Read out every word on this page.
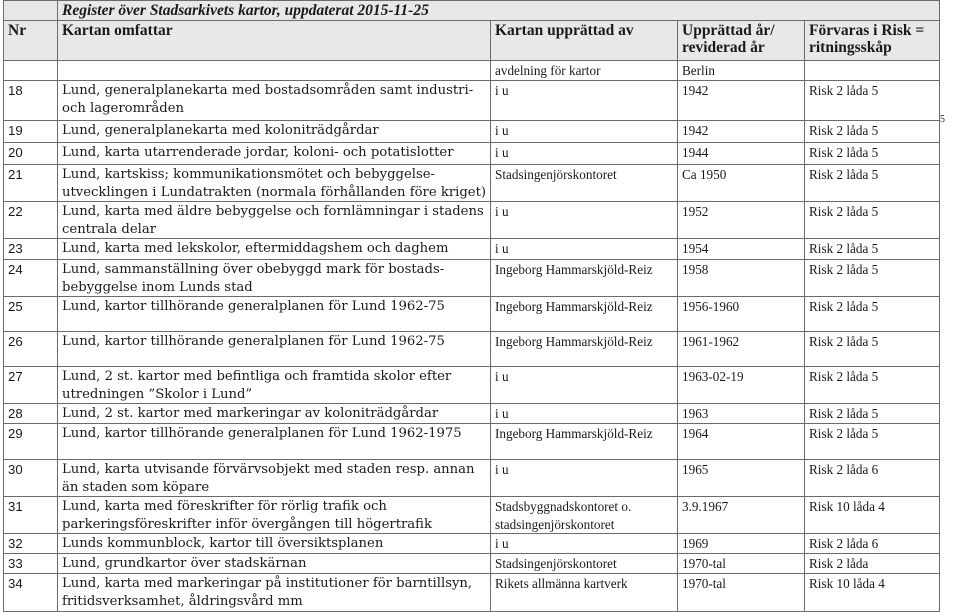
	Register över Stadsarkivets kartor, uppdaterat 2015-11-25			
Nr	Kartan omfattar	Kartan upprättad av	Upprättad år/ reviderad år	Förvaras i Risk = ritningsskåp
		avdelning för kartor	Berlin	
18	Lund, generalplanekarta med bostadsområden samt industri- och lagerområden	i u	1942	Risk 2 låda 5
19	Lund, generalplanekarta med koloniträdgårdar	i u	1942	Risk 2 låda 5
20	Lund, karta utarrenderade jordar, koloni- och potatislotter	i u	1944	Risk 2 låda 5
21	Lund, kartskiss; kommunikationsmötet och bebyggelse-utvecklingen i Lundatrakten (normala förhållanden före kriget)	Stadsingenjörskontoret	Ca 1950	Risk 2 låda 5
22	Lund, karta med äldre bebyggelse och fornlämningar i stadens centrala delar	i u	1952	Risk 2 låda 5
23	Lund, karta med lekskolor, eftermiddagshem och daghem	i u	1954	Risk 2 låda 5
24	Lund, sammanställning över obebyggd mark för bostads-bebyggelse inom Lunds stad	Ingeborg Hammarskjöld-Reiz	1958	Risk 2 låda 5
25	Lund, kartor tillhörande generalplanen för Lund 1962-75	Ingeborg Hammarskjöld-Reiz	1956-1960	Risk 2 låda 5
26	Lund, kartor tillhörande generalplanen för Lund 1962-75	Ingeborg Hammarskjöld-Reiz	1961-1962	Risk 2 låda 5
27	Lund, 2 st. kartor med befintliga och framtida skolor efter utredningen ”Skolor i Lund”	i u	1963-02-19	Risk 2 låda 5
28	Lund, 2 st. kartor med markeringar av koloniträdgårdar	i u	1963	Risk 2 låda 5
29	Lund, kartor tillhörande generalplanen för Lund 1962-1975	Ingeborg Hammarskjöld-Reiz	1964	Risk 2 låda 5
30	Lund, karta utvisande förvärvsobjekt med staden resp. annan än staden som köpare	i u	1965	Risk 2 låda 6
31	Lund, karta med föreskrifter för rörlig trafik och parkeringsföreskrifter inför övergången till högertrafik	Stadsbyggnadskontoret o. stadsingenjörskontoret	3.9.1967	Risk 10 låda 4
32	Lunds kommunblock, kartor till översiktsplanen	i u	1969	Risk 2 låda 6
33	Lund, grundkartor över stadskärnan	Stadsingenjörskontoret	1970-tal	Risk 2 låda
34	Lund, karta med markeringar på institutioner för barntillsyn, fritidsverksamhet, åldringsvård mm	Rikets allmänna kartverk	1970-tal	Risk 10 låda 4
5
